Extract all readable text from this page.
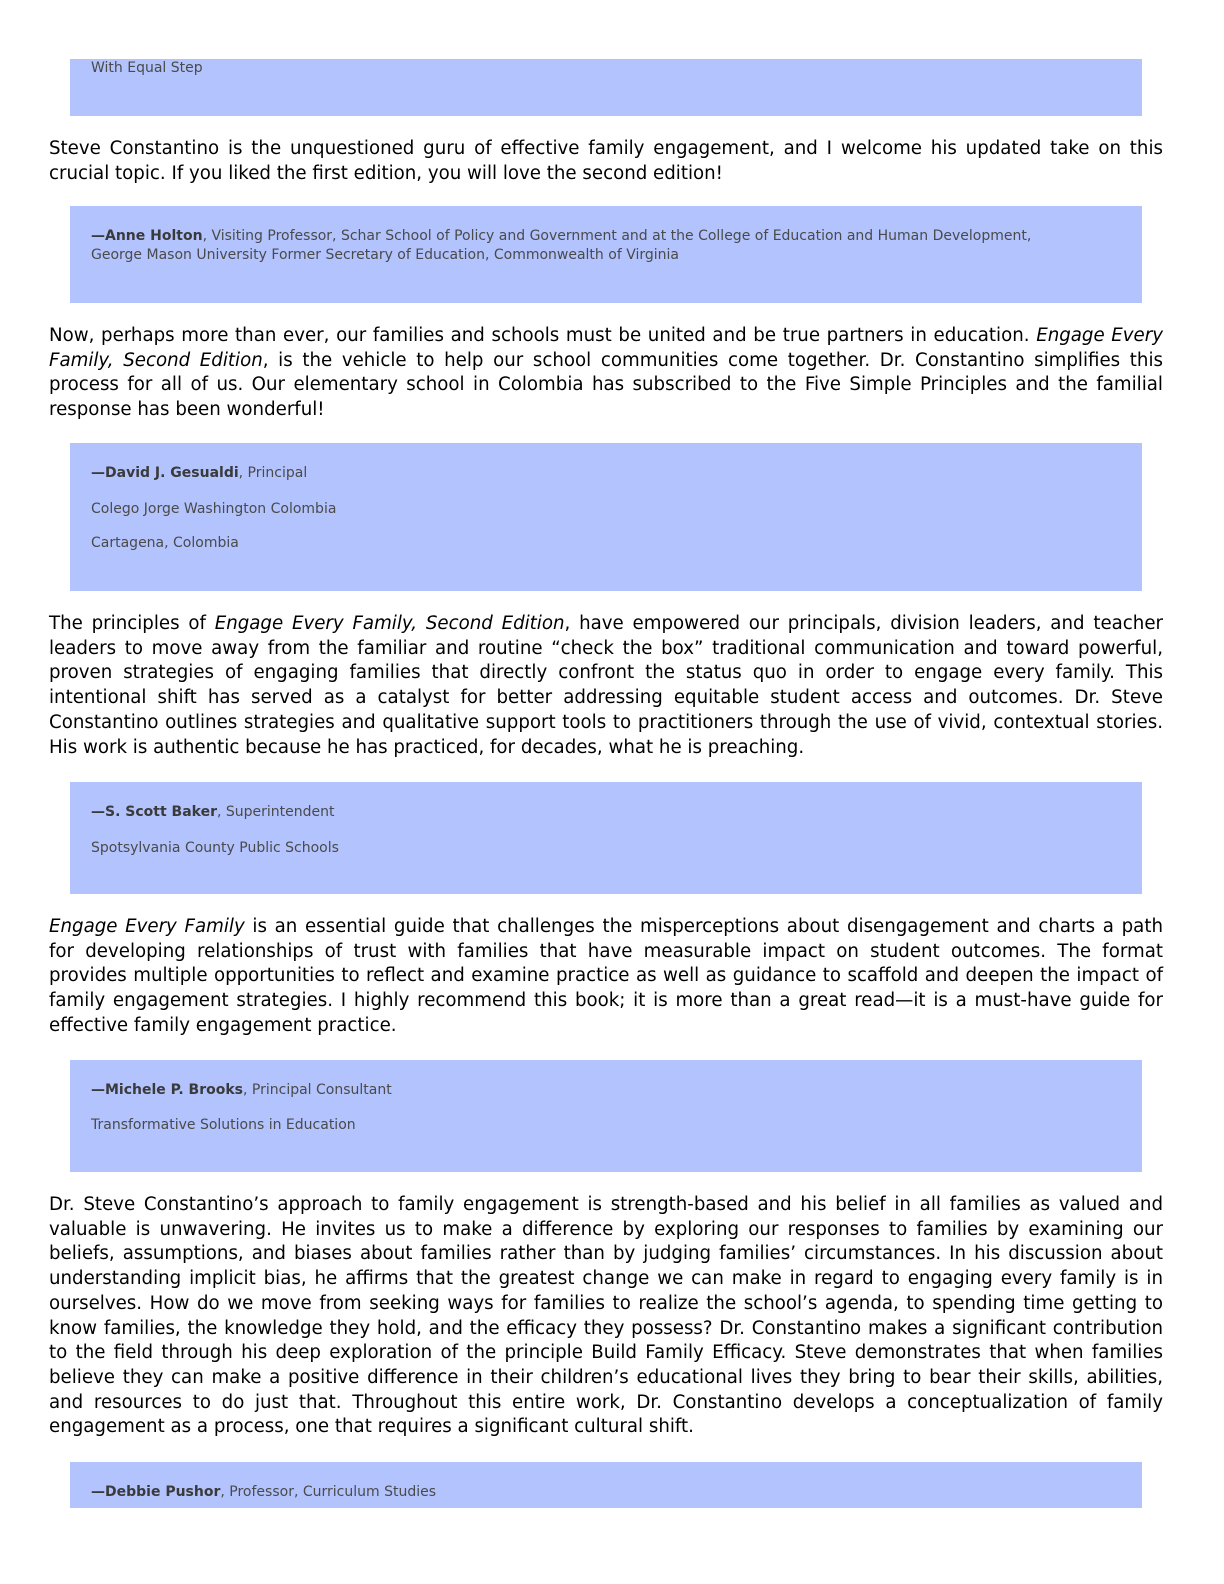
With Equal Step

Steve Constantino is the unquestioned guru of effective family engagement, and I welcome his updated take on this crucial topic. If you liked the first edition, you will love the second edition!

—Anne Holton, Visiting Professor, Schar School of Policy and Government and at the College of Education and Human Development,
George Mason University Former Secretary of Education, Commonwealth of Virginia

Now, perhaps more than ever, our families and schools must be united and be true partners in education. Engage Every Family, Second Edition, is the vehicle to help our school communities come together. Dr. Constantino simplifies this process for all of us. Our elementary school in Colombia has subscribed to the Five Simple Principles and the familial response has been wonderful!

—David J. Gesualdi, Principal
Colego Jorge Washington Colombia
Cartagena, Colombia

The principles of Engage Every Family, Second Edition, have empowered our principals, division leaders, and teacher leaders to move away from the familiar and routine “check the box” traditional communication and toward powerful, proven strategies of engaging families that directly confront the status quo in order to engage every family. This intentional shift has served as a catalyst for better addressing equitable student access and outcomes. Dr. Steve Constantino outlines strategies and qualitative support tools to practitioners through the use of vivid, contextual stories. His work is authentic because he has practiced, for decades, what he is preaching.

—S. Scott Baker, Superintendent
Spotsylvania County Public Schools

Engage Every Family is an essential guide that challenges the misperceptions about disengagement and charts a path for developing relationships of trust with families that have measurable impact on student outcomes. The format provides multiple opportunities to reflect and examine practice as well as guidance to scaffold and deepen the impact of family engagement strategies. I highly recommend this book; it is more than a great read—it is a must-have guide for effective family engagement practice.

—Michele P. Brooks, Principal Consultant
Transformative Solutions in Education

Dr. Steve Constantino’s approach to family engagement is strength-based and his belief in all families as valued and valuable is unwavering. He invites us to make a difference by exploring our responses to families by examining our beliefs, assumptions, and biases about families rather than by judging families’ circumstances. In his discussion about understanding implicit bias, he affirms that the greatest change we can make in regard to engaging every family is in ourselves. How do we move from seeking ways for families to realize the school’s agenda, to spending time getting to know families, the knowledge they hold, and the efficacy they possess? Dr. Constantino makes a significant contribution to the field through his deep exploration of the principle Build Family Efficacy. Steve demonstrates that when families believe they can make a positive difference in their children’s educational lives they bring to bear their skills, abilities, and resources to do just that. Throughout this entire work, Dr. Constantino develops a conceptualization of family engagement as a process, one that requires a significant cultural shift.

—Debbie Pushor, Professor, Curriculum Studies
